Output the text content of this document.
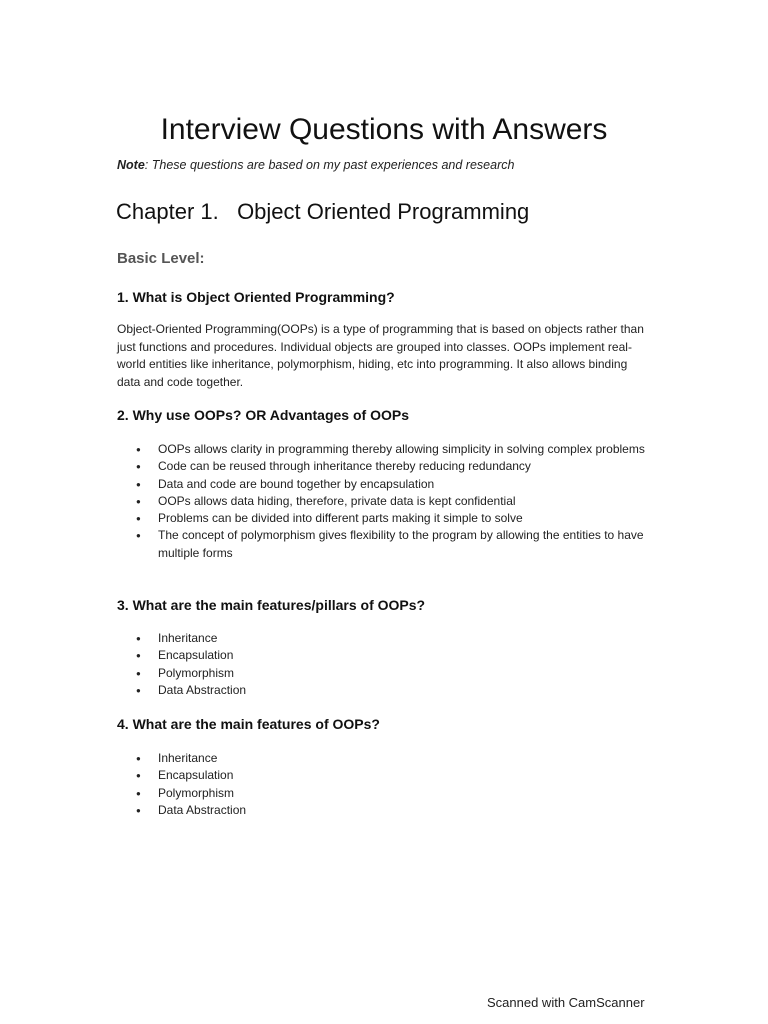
Interview Questions with Answers

Note: These questions are based on my past experiences and research

Chapter 1.   Object Oriented Programming
Basic Level:
1. What is Object Oriented Programming?

Object-Oriented Programming(OOPs) is a type of programming that is based on objects rather than just functions and procedures. Individual objects are grouped into classes. OOPs implement real-world entities like inheritance, polymorphism, hiding, etc into programming. It also allows binding data and code together.

2. Why use OOPs? OR Advantages of OOPs
● OOPs allows clarity in programming thereby allowing simplicity in solving complex problems
● Code can be reused through inheritance thereby reducing redundancy
● Data and code are bound together by encapsulation
● OOPs allows data hiding, therefore, private data is kept confidential
● Problems can be divided into different parts making it simple to solve
● The concept of polymorphism gives flexibility to the program by allowing the entities to have multiple forms
3. What are the main features/pillars of OOPs?
● Inheritance
● Encapsulation
● Polymorphism
● Data Abstraction
4. What are the main features of OOPs?
● Inheritance
● Encapsulation
● Polymorphism
● Data Abstraction

Scanned with CamScanner
